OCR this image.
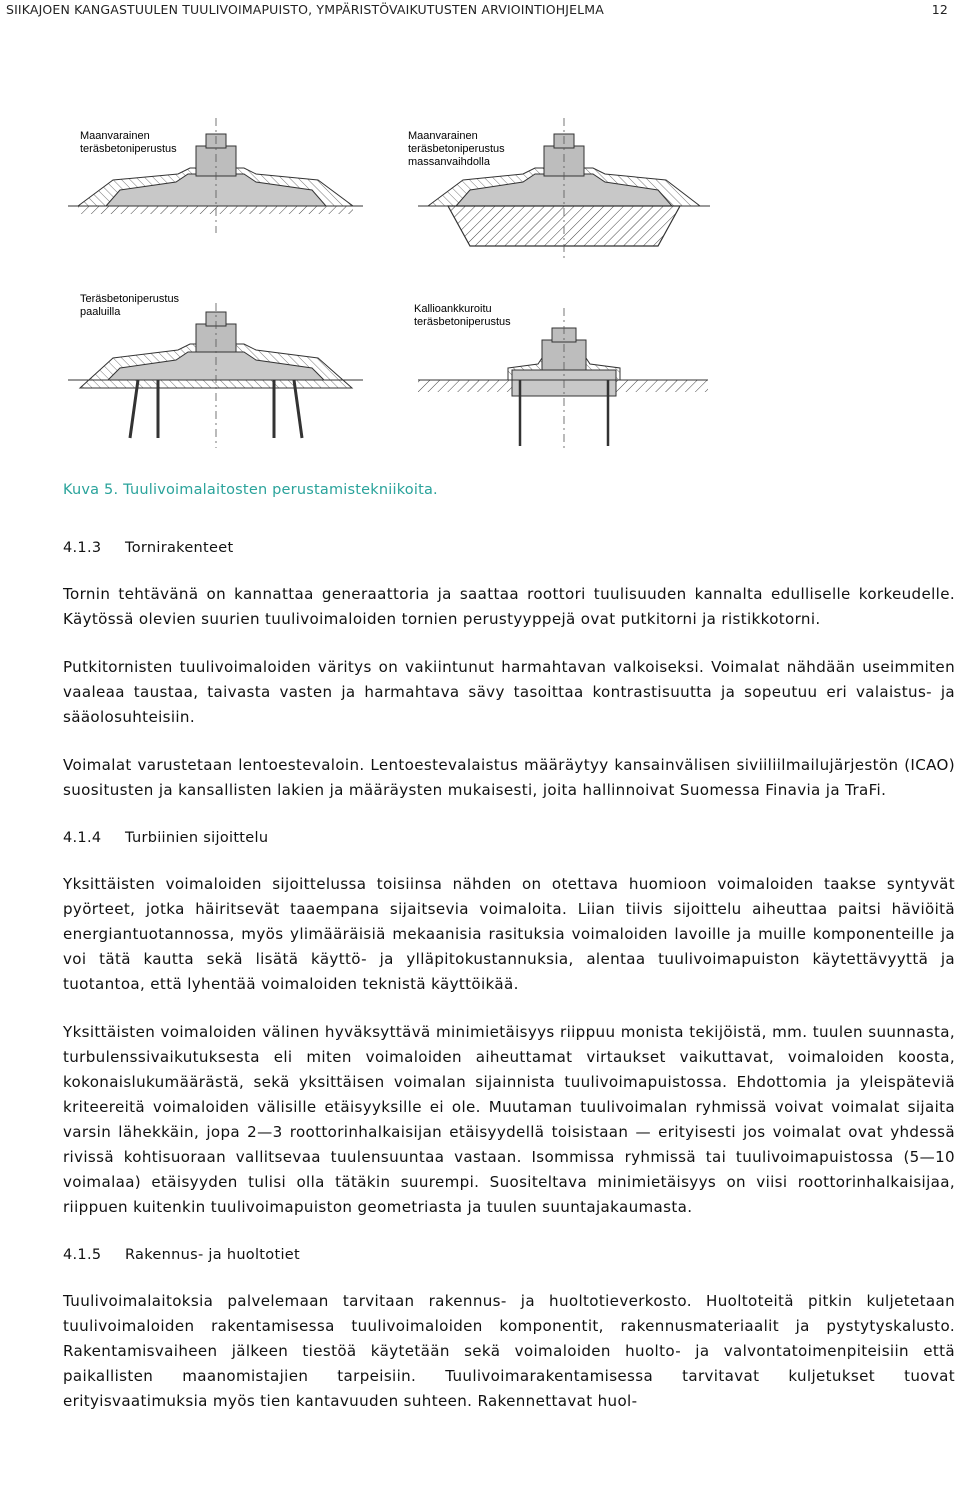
SIIKAJOEN KANGASTUULEN TUULIVOIMAPUISTO, YMPÄRISTÖVAIKUTUSTEN ARVIOINTIOHJELMA	12
Maanvarainen
teräsbetoniperustus
Maanvarainen
teräsbetoniperustus
massanvaihdolla
Teräsbetoniperustus
paaluilla	Kallioankkuroitu
teräsbetoniperustus
Kuva 5. Tuulivoimalaitosten perustamistekniikoita.
4.1.3	Tornirakenteet

Tornin tehtävänä on kannattaa generaattoria ja saattaa roottori tuulisuuden kannalta edulliselle korkeudelle. Käytössä olevien suurien tuulivoimaloiden tornien perustyyppejä ovat putkitorni ja ristikkotorni.

Putkitornisten tuulivoimaloiden väritys on vakiintunut harmahtavan valkoiseksi. Voimalat nähdään useimmiten vaaleaa taustaa, taivasta vasten ja harmahtava sävy tasoittaa kontrastisuutta ja sopeutuu eri valaistus- ja sääolosuhteisiin.

Voimalat varustetaan lentoestevaloin. Lentoestevalaistus määräytyy kansainvälisen siviiliilmailujärjestön (ICAO) suositusten ja kansallisten lakien ja määräysten mukaisesti, joita hallinnoivat Suomessa Finavia ja TraFi.

4.1.4	Turbiinien sijoittelu

Yksittäisten voimaloiden sijoittelussa toisiinsa nähden on otettava huomioon voimaloiden taakse syntyvät pyörteet, jotka häiritsevät taaempana sijaitsevia voimaloita. Liian tiivis sijoittelu aiheuttaa paitsi häviöitä energiantuotannossa, myös ylimääräisiä mekaanisia rasituksia voimaloiden lavoille ja muille komponenteille ja voi tätä kautta sekä lisätä käyttö- ja ylläpitokustannuksia, alentaa tuulivoimapuiston käytettävyyttä ja tuotantoa, että lyhentää voimaloiden teknistä käyttöikää.

Yksittäisten voimaloiden välinen hyväksyttävä minimietäisyys riippuu monista tekijöistä, mm. tuulen suunnasta, turbulenssivaikutuksesta eli miten voimaloiden aiheuttamat virtaukset vaikuttavat, voimaloiden koosta, kokonaislukumäärästä, sekä yksittäisen voimalan sijainnista tuulivoimapuistossa. Ehdottomia ja yleispäteviä kriteereitä voimaloiden välisille etäisyyksille ei ole. Muutaman tuulivoimalan ryhmissä voivat voimalat sijaita varsin lähekkäin, jopa 2—3 roottorinhalkaisijan etäisyydellä toisistaan — erityisesti jos voimalat ovat yhdessä rivissä kohtisuoraan vallitsevaa tuulensuuntaa vastaan. Isommissa ryhmissä tai tuulivoimapuistossa (5—10 voimalaa) etäisyyden tulisi olla tätäkin suurempi. Suositeltava minimietäisyys on viisi roottorinhalkaisijaa, riippuen kuitenkin tuulivoimapuiston geometriasta ja tuulen suuntajakaumasta.

4.1.5	Rakennus- ja huoltotiet

Tuulivoimalaitoksia palvelemaan tarvitaan rakennus- ja huoltotieverkosto. Huoltoteitä pitkin kuljetetaan tuulivoimaloiden rakentamisessa tuulivoimaloiden komponentit, rakennusmateriaalit ja pystytyskalusto. Rakentamisvaiheen jälkeen tiestöä käytetään sekä voimaloiden huolto- ja valvontatoimenpiteisiin että paikallisten maanomistajien tarpeisiin. Tuulivoimarakentamisessa tarvitavat kuljetukset tuovat erityisvaatimuksia myös tien kantavuuden suhteen. Rakennettavat huol-
